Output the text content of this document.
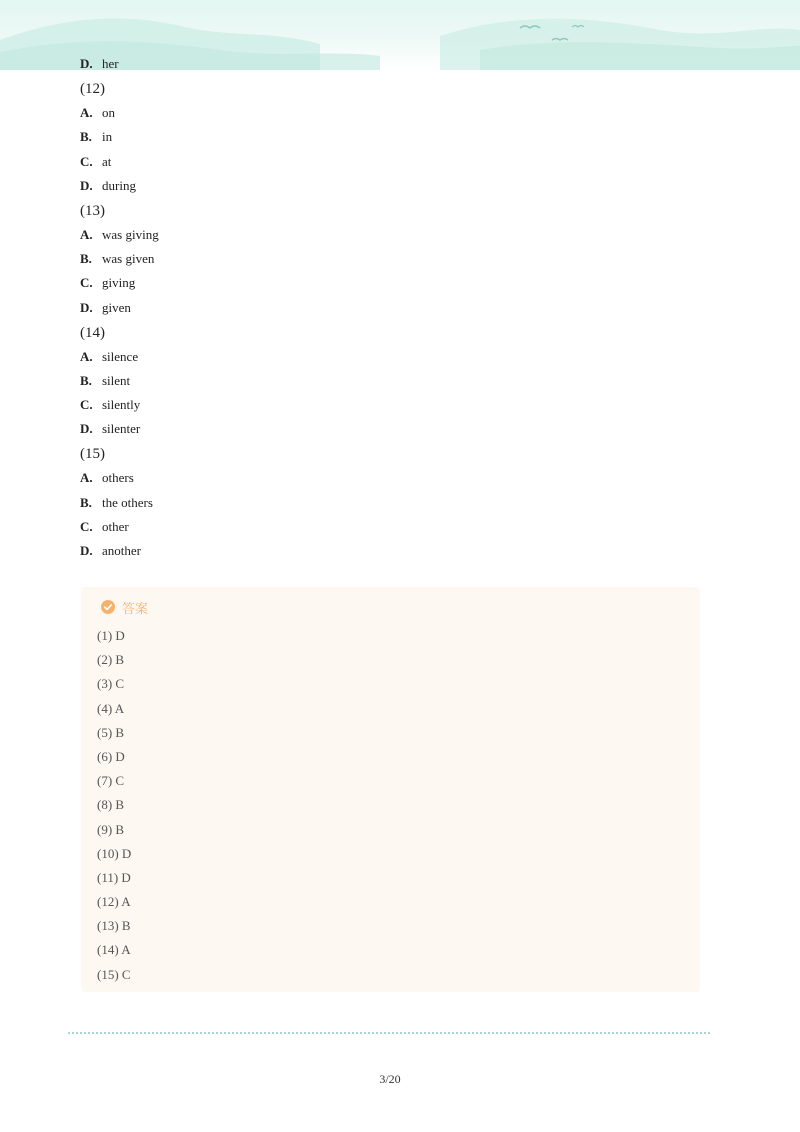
D. her
(12)
A. on
B. in
C. at
D. during
(13)
A. was giving
B. was given
C. giving
D. given
(14)
A. silence
B. silent
C. silently
D. silenter
(15)
A. others
B. the others
C. other
D. another
答案
(1) D
(2) B
(3) C
(4) A
(5) B
(6) D
(7) C
(8) B
(9) B
(10) D
(11) D
(12) A
(13) B
(14) A
(15) C
3/20
